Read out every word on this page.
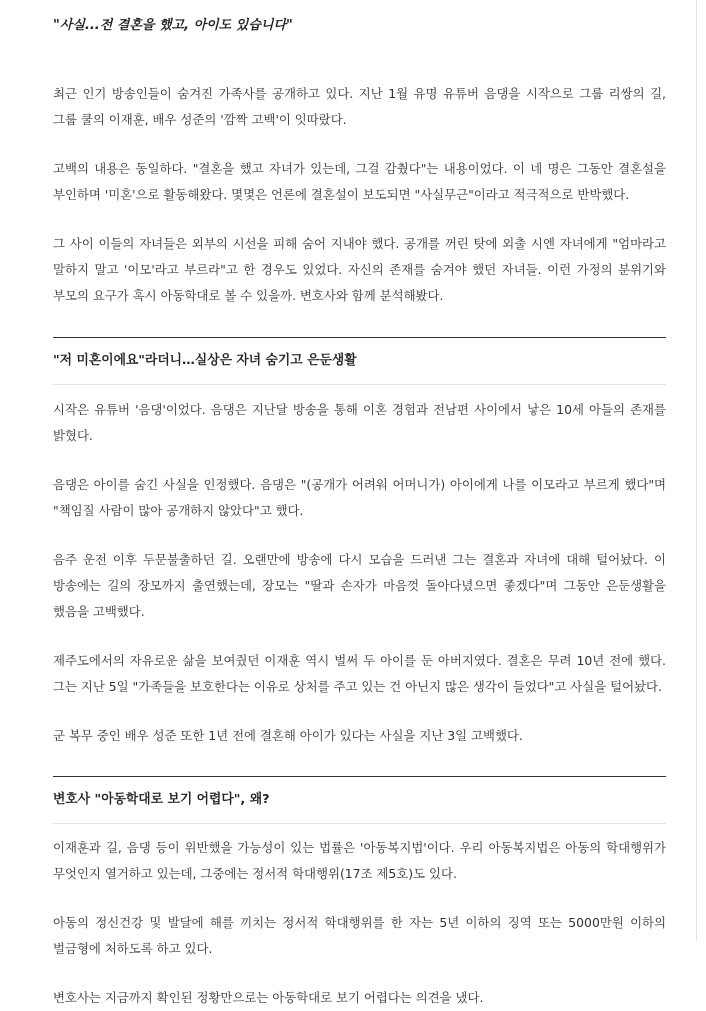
"사실...전 결혼을 했고, 아이도 있습니다"

최근 인기 방송인들이 숨겨진 가족사를 공개하고 있다. 지난 1월 유명 유튜버 음댕을 시작으로 그룹 리쌍의 길, 그룹 쿨의 이재훈, 배우 성준의 '깜짝 고백'이 잇따랐다.

고백의 내용은 동일하다. "결혼을 했고 자녀가 있는데, 그걸 감췄다"는 내용이었다. 이 네 명은 그동안 결혼설을 부인하며 '미혼'으로 활동해왔다. 몇몇은 언론에 결혼설이 보도되면 "사실무근"이라고 적극적으로 반박했다.

그 사이 이들의 자녀들은 외부의 시선을 피해 숨어 지내야 했다. 공개를 꺼린 탓에 외출 시엔 자녀에게 "엄마라고 말하지 말고 '이모'라고 부르라"고 한 경우도 있었다. 자신의 존재를 숨겨야 했던 자녀들. 이런 가정의 분위기와 부모의 요구가 혹시 아동학대로 볼 수 있을까. 변호사와 함께 분석해봤다.

"저 미혼이에요"라더니…실상은 자녀 숨기고 은둔생활

시작은 유튜버 '음댕'이었다. 음댕은 지난달 방송을 통해 이혼 경험과 전남편 사이에서 낳은 10세 아들의 존재를 밝혔다.

음댕은 아이를 숨긴 사실을 인정했다. 음댕은 "(공개가 어려워 어머니가) 아이에게 나를 이모라고 부르게 했다"며 "책임질 사람이 많아 공개하지 않았다"고 했다.

음주 운전 이후 두문불출하던 길. 오랜만에 방송에 다시 모습을 드러낸 그는 결혼과 자녀에 대해 털어놨다. 이 방송에는 길의 장모까지 출연했는데, 장모는 "딸과 손자가 마음껏 돌아다녔으면 좋겠다"며 그동안 은둔생활을 했음을 고백했다.

제주도에서의 자유로운 삶을 보여줬던 이재훈 역시 벌써 두 아이를 둔 아버지였다. 결혼은 무려 10년 전에 했다. 그는 지난 5일 "가족들을 보호한다는 이유로 상처를 주고 있는 건 아닌지 많은 생각이 들었다"고 사실을 털어놨다.

군 복무 중인 배우 성준 또한 1년 전에 결혼해 아이가 있다는 사실을 지난 3일 고백했다.

변호사 "아동학대로 보기 어렵다", 왜?

이재훈과 길, 음댕 등이 위반했을 가능성이 있는 법률은 '아동복지법'이다. 우리 아동복지법은 아동의 학대행위가 무엇인지 열거하고 있는데, 그중에는 정서적 학대행위(17조 제5호)도 있다.

아동의 정신건강 및 발달에 해를 끼치는 정서적 학대행위를 한 자는 5년 이하의 징역 또는 5000만원 이하의 벌금형에 처하도록 하고 있다.

변호사는 지금까지 확인된 정황만으로는 아동학대로 보기 어렵다는 의견을 냈다.
